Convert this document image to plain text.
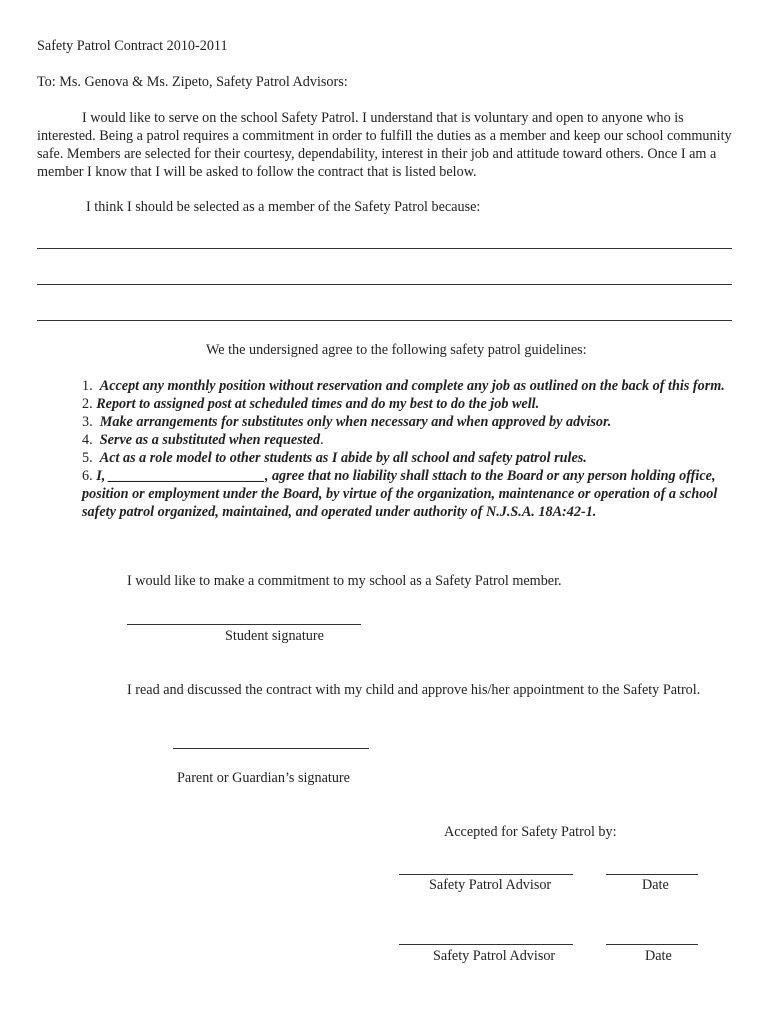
Safety Patrol Contract 2010-2011
To: Ms. Genova & Ms. Zipeto, Safety Patrol Advisors:
I would like to serve on the school Safety Patrol. I understand that is voluntary and open to anyone who is interested. Being a patrol requires a commitment in order to fulfill the duties as a member and keep our school community safe. Members are selected for their courtesy, dependability, interest in their job and attitude toward others. Once I am a member I know that I will be asked to follow the contract that is listed below.
I think I should be selected as a member of the Safety Patrol because:
We the undersigned agree to the following safety patrol guidelines:
1. Accept any monthly position without reservation and complete any job as outlined on the back of this form.
2. Report to assigned post at scheduled times and do my best to do the job well.
3. Make arrangements for substitutes only when necessary and when approved by advisor.
4. Serve as a substituted when requested.
5. Act as a role model to other students as I abide by all school and safety patrol rules.
6. I, ______________________, agree that no liability shall sttach to the Board or any person holding office, position or employment under the Board, by virtue of the organization, maintenance or operation of a school safety patrol organized, maintained, and operated under authority of N.J.S.A. 18A:42-1.
I would like to make a commitment to my school as a Safety Patrol member.
Student signature
I read and discussed the contract with my child and approve his/her appointment to the Safety Patrol.
Parent or Guardian’s signature
Accepted for Safety Patrol by:
Safety Patrol Advisor	Date
Safety Patrol Advisor	Date
